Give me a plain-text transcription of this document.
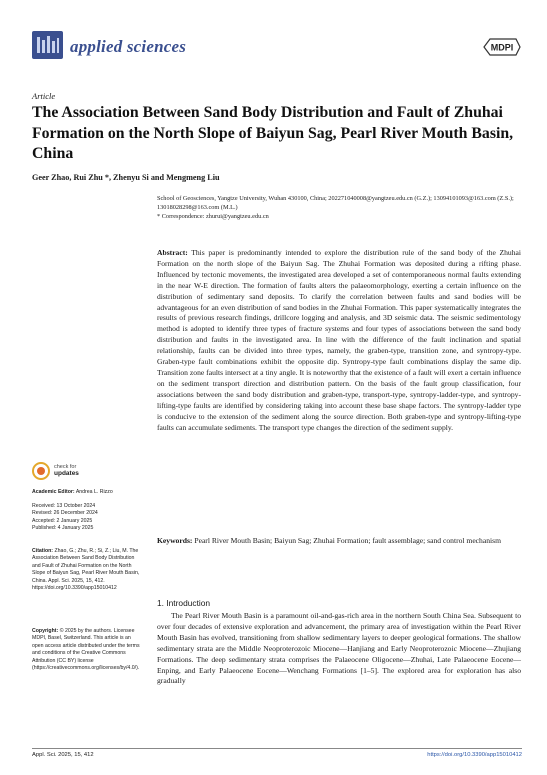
applied sciences	MDPI
Article
The Association Between Sand Body Distribution and Fault of Zhuhai Formation on the North Slope of Baiyun Sag, Pearl River Mouth Basin, China
Geer Zhao, Rui Zhu *, Zhenyu Si and Mengmeng Liu
School of Geosciences, Yangtze University, Wuhan 430100, China; 202271040008@yangtzeu.edu.cn (G.Z.); 13094101093@163.com (Z.S.); 13018028298@163.com (M.L.)
* Correspondence: zhurui@yangtzeu.edu.cn
Abstract: This paper is predominantly intended to explore the distribution rule of the sand body of the Zhuhai Formation on the north slope of the Baiyun Sag. The Zhuhai Formation was deposited during a rifting phase. Influenced by tectonic movements, the investigated area developed a set of contemporaneous normal faults extending in the near W-E direction. The formation of faults alters the palaeomorphology, exerting a certain influence on the distribution of sedimentary sand deposits. To clarify the correlation between faults and sand bodies will be advantageous for an even distribution of sand bodies in the Zhuhai Formation. This paper systematically integrates the results of previous research findings, drillcore logging and analysis, and 3D seismic data. The seismic sedimentology method is adopted to identify three types of fracture systems and four types of associations between the sand body distribution and faults in the investigated area. In line with the difference of the fault inclination and spatial relationship, faults can be divided into three types, namely, the graben-type, transition zone, and syntropy-type. Graben-type fault combinations exhibit the opposite dip. Syntropy-type fault combinations display the same dip. Transition zone faults intersect at a tiny angle. It is noteworthy that the existence of a fault will exert a certain influence on the sediment transport direction and distribution pattern. On the basis of the fault group classification, four associations between the sand body distribution and graben-type, transport-type, syntropy-ladder-type, and syntropy-lifting-type faults are identified by considering taking into account these base shape factors. The syntropy-ladder type is conducive to the extension of the sediment along the source direction. Both graben-type and syntropy-lifting-type faults can accumulate sediments. The transport type changes the direction of the sediment supply.
Keywords: Pearl River Mouth Basin; Baiyun Sag; Zhuhai Formation; fault assemblage; sand control mechanism
check for
updates
Academic Editor: Andrea L. Rizzo
Received: 13 October 2024
Revised: 26 December 2024
Accepted: 2 January 2025
Published: 4 January 2025
Citation: Zhao, G.; Zhu, R.; Si, Z.; Liu, M. The Association Between Sand Body Distribution and Fault of Zhuhai Formation on the North Slope of Baiyun Sag, Pearl River Mouth Basin, China. Appl. Sci. 2025, 15, 412. https://doi.org/10.3390/app15010412
Copyright: © 2025 by the authors. Licensee MDPI, Basel, Switzerland. This article is an open access article distributed under the terms and conditions of the Creative Commons Attribution (CC BY) license (https://creativecommons.org/licenses/by/4.0/).
1. Introduction
The Pearl River Mouth Basin is a paramount oil-and-gas-rich area in the northern South China Sea. Subsequent to over four decades of extensive exploration and advancement, the primary area of investigation within the Pearl River Mouth Basin has evolved, transitioning from shallow sedimentary layers to deeper geological formations. The shallow sedimentary strata are the Middle Neoproterozoic Miocene—Hanjiang and Early Neoproterozoic Miocene—Zhujiang Formations. The deep sedimentary strata comprises the Palaeocene Oligocene—Zhuhai, Late Palaeocene Eocene—Enping, and Early Palaeocene Eocene—Wenchang Formations [1–5]. The explored area for exploration has also gradually
Appl. Sci. 2025, 15, 412	https://doi.org/10.3390/app15010412
